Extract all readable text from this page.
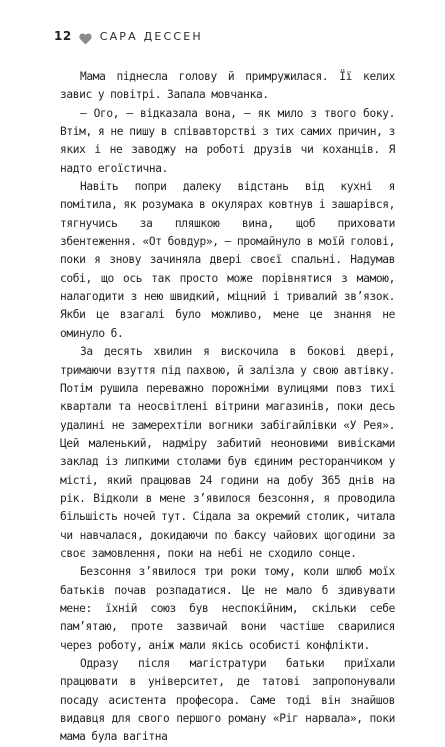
12	САРА ДЕССЕН

Мама піднесла голову й примружилася. Її келих завис у повітрі. Запала мовчанка.

— Ого, — відказала вона, — як мило з твого боку. Втім, я не пишу в співавторстві з тих самих причин, з яких і не заводжу на роботі друзів чи коханців. Я надто егоїстична.

Навіть попри далеку відстань від кухні я помітила, як розумака в окулярах ковтнув і зашарівся, тягнучись за пляшкою вина, щоб приховати збентеження. «От бовдур», — промайнуло в моїй голові, поки я знову зачиняла двері своєї спальні. Надумав собі, що ось так просто може порівнятися з мамою, налагодити з нею швидкий, міцний і тривалий зв’язок. Якби це взагалі було можливо, мене це знання не оминуло б.

За десять хвилин я вискочила в бокові двері, тримаючи взуття під пахвою, й залізла у свою автівку. Потім рушила переважно порожніми вулицями повз тихі квартали та неосвітлені вітрини магазинів, поки десь удалині не замерехтіли вогники забігайлівки «У Рея». Цей маленький, надміру забитий неоновими вивісками заклад із липкими столами був єдиним ресторанчиком у місті, який працював 24 години на добу 365 днів на рік. Відколи в мене з’явилося безсоння, я проводила більшість ночей тут. Сідала за окремий столик, читала чи навчалася, докидаючи по баксу чайових щогодини за своє замовлення, поки на небі не сходило сонце.

Безсоння з’явилося три роки тому, коли шлюб моїх батьків почав розпадатися. Це не мало б здивувати мене: їхній союз був неспокійним, скільки себе пам’ятаю, проте зазвичай вони частіше сварилися через роботу, аніж мали якісь особисті конфлікти.

Одразу після магістратури батьки приїхали працювати в університет, де татові запропонували посаду асистента професора. Саме тоді він знайшов видавця для свого першого роману «Ріг нарвала», поки мама була вагітна
